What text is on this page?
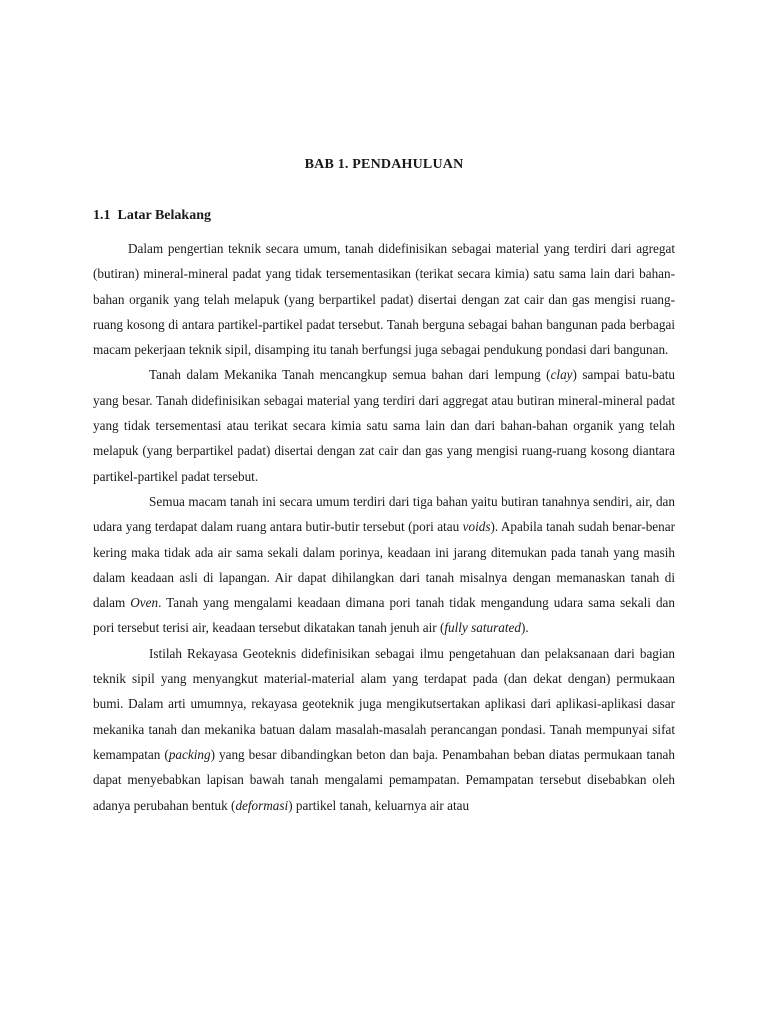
BAB 1. PENDAHULUAN
1.1  Latar Belakang

Dalam pengertian teknik secara umum, tanah didefinisikan sebagai material yang terdiri dari agregat (butiran) mineral-mineral padat yang tidak tersementasikan (terikat secara kimia) satu sama lain dari bahan-bahan organik yang telah melapuk (yang berpartikel padat) disertai dengan zat cair dan gas mengisi ruang-ruang kosong di antara partikel-partikel padat tersebut. Tanah berguna sebagai bahan bangunan pada berbagai macam pekerjaan teknik sipil, disamping itu tanah berfungsi juga sebagai pendukung pondasi dari bangunan.

Tanah dalam Mekanika Tanah mencangkup semua bahan dari lempung (clay) sampai batu-batu yang besar. Tanah didefinisikan sebagai material yang terdiri dari aggregat atau butiran mineral-mineral padat yang tidak tersementasi atau terikat secara kimia satu sama lain dan dari bahan-bahan organik yang telah melapuk (yang berpartikel padat) disertai dengan zat cair dan gas yang mengisi ruang-ruang kosong diantara partikel-partikel padat tersebut.

Semua macam tanah ini secara umum terdiri dari tiga bahan yaitu butiran tanahnya sendiri, air, dan udara yang terdapat dalam ruang antara butir-butir tersebut (pori atau voids). Apabila tanah sudah benar-benar kering maka tidak ada air sama sekali dalam porinya, keadaan ini jarang ditemukan pada tanah yang masih dalam keadaan asli di lapangan. Air dapat dihilangkan dari tanah misalnya dengan memanaskan tanah di dalam Oven. Tanah yang mengalami keadaan dimana pori tanah tidak mengandung udara sama sekali dan pori tersebut terisi air, keadaan tersebut dikatakan tanah jenuh air (fully saturated).

Istilah Rekayasa Geoteknis didefinisikan sebagai ilmu pengetahuan dan pelaksanaan dari bagian teknik sipil yang menyangkut material-material alam yang terdapat pada (dan dekat dengan) permukaan bumi. Dalam arti umumnya, rekayasa geoteknik juga mengikutsertakan aplikasi dari aplikasi-aplikasi dasar mekanika tanah dan mekanika batuan dalam masalah-masalah perancangan pondasi. Tanah mempunyai sifat kemampatan (packing) yang besar dibandingkan beton dan baja. Penambahan beban diatas permukaan tanah dapat menyebabkan lapisan bawah tanah mengalami pemampatan. Pemampatan tersebut disebabkan oleh adanya perubahan bentuk (deformasi) partikel tanah, keluarnya air atau
